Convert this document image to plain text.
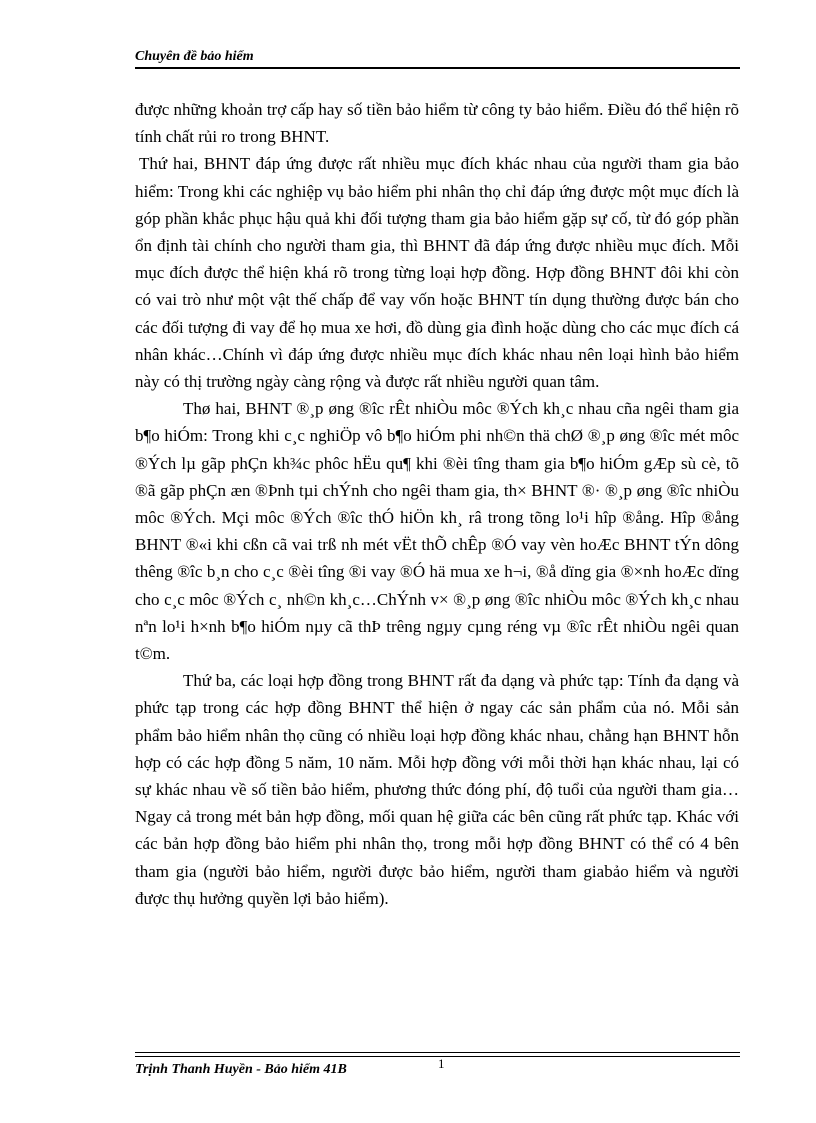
Chuyên đề bảo hiểm

được những khoản trợ cấp hay số tiền bảo hiểm từ công ty bảo hiểm. Điều đó thể hiện rõ tính chất rủi ro trong BHNT.

Thứ hai, BHNT đáp ứng được rất nhiều mục đích khác nhau của người tham gia bảo hiểm: Trong khi các nghiệp vụ bảo hiểm phi nhân thọ chỉ đáp ứng được một mục đích là góp phần khắc phục hậu quả khi đối tượng tham gia bảo hiểm gặp sự cố, từ đó góp phần ổn định tài chính cho người tham gia, thì BHNT đã đáp ứng được nhiều mục đích. Mỗi mục đích được thể hiện khá rõ trong từng loại hợp đồng. Hợp đồng BHNT đôi khi còn có vai trò như một vật thế chấp để vay vốn hoặc BHNT tín dụng thường được bán cho các đối tượng đi vay để họ mua xe hơi, đồ dùng gia đình hoặc dùng cho các mục đích cá nhân khác…Chính vì đáp ứng được nhiều mục đích khác nhau nên loại hình bảo hiểm này có thị trường ngày càng rộng và được rất nhiều người quan tâm.

Thø hai, BHNT ®¸p øng ®îc rÊt nhiÒu môc ®Ých kh¸c nhau cña ngêi tham gia b¶o hiÓm: Trong khi c¸c nghiÖp vô b¶o hiÓm phi nh©n thä chØ ®¸p øng ®îc mét môc ®Ých lµ gãp phÇn kh¾c phôc hËu qu¶ khi ®èi tîng tham gia b¶o hiÓm gÆp sù cè, tõ ®ã gãp phÇn æn ®Þnh tµi chÝnh cho ngêi tham gia, th× BHNT ®· ®¸p øng ®îc nhiÒu môc ®Ých. Mçi môc ®Ých ®îc thÓ hiÖn kh¸ râ trong tõng lo¹i hîp ®ång. Hîp ®ång BHNT ®«i khi cßn cã vai trß nh mét vËt thÕ chÊp ®Ó vay vèn hoÆc BHNT tÝn dông thêng ®îc b¸n cho c¸c ®èi tîng ®i vay ®Ó hä mua xe h¬i, ®å dïng gia ®×nh hoÆc dïng cho c¸c môc ®Ých c¸ nh©n kh¸c…ChÝnh v× ®¸p øng ®îc nhiÒu môc ®Ých kh¸c nhau nªn lo¹i h×nh b¶o hiÓm nµy cã thÞ trêng ngµy cµng réng vµ ®îc rÊt nhiÒu ngêi quan t©m.

Thứ ba, các loại hợp đồng trong BHNT rất đa dạng và phức tạp: Tính đa dạng và phức tạp trong các hợp đồng BHNT thể hiện ở ngay các sản phẩm của nó. Mỗi sản phẩm bảo hiểm nhân thọ cũng có nhiều loại hợp đồng khác nhau, chẳng hạn BHNT hỗn hợp có các hợp đồng 5 năm, 10 năm. Mỗi hợp đồng với mỗi thời hạn khác nhau, lại có sự khác nhau về số tiền bảo hiểm, phương thức đóng phí, độ tuổi của người tham gia…Ngay cả trong mét bản hợp đồng, mối quan hệ giữa các bên cũng rất phức tạp. Khác với các bản hợp đồng bảo hiểm phi nhân thọ, trong mỗi hợp đồng BHNT có thể có 4 bên tham gia (người bảo hiểm, người được bảo hiểm, người tham giabảo hiểm và người được thụ hưởng quyền lợi bảo hiểm).

Trịnh Thanh Huyền - Bảo hiểm 41B	1
